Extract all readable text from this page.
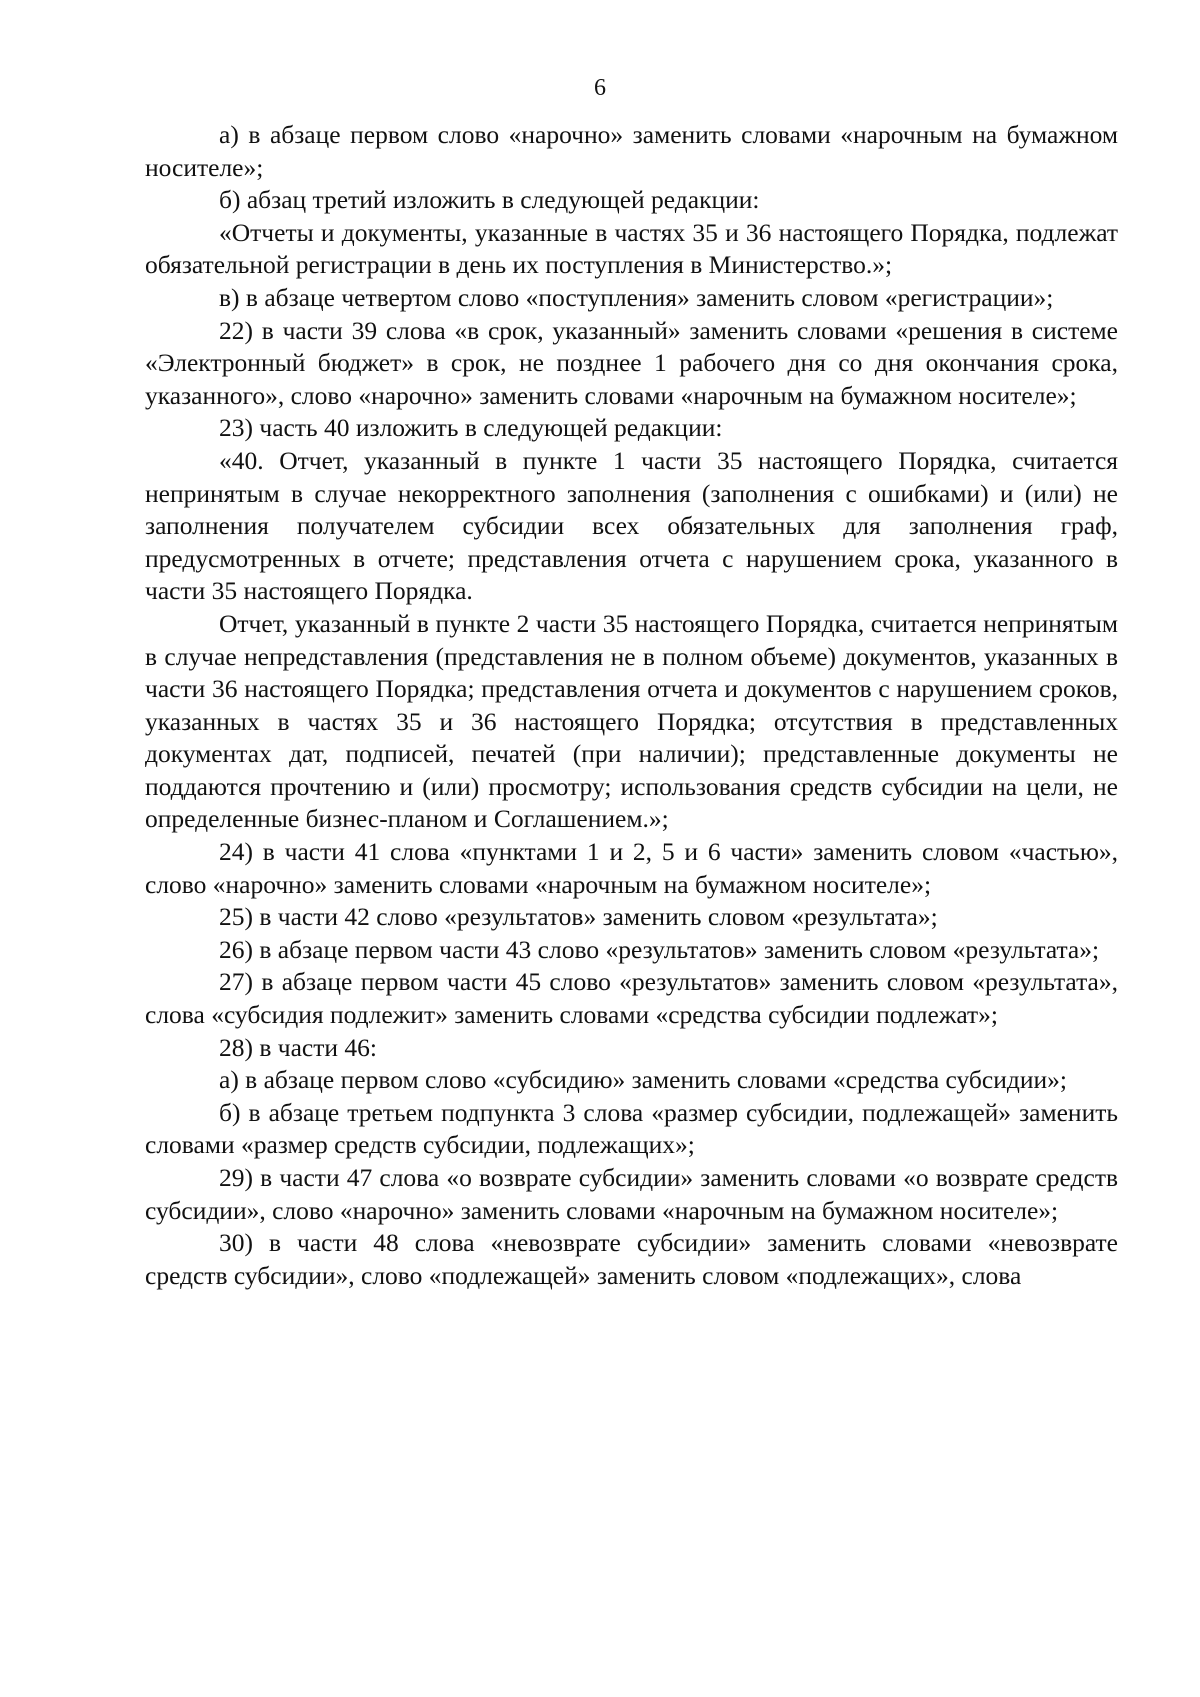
6

а) в абзаце первом слово «нарочно» заменить словами «нарочным на бумажном носителе»;

б) абзац третий изложить в следующей редакции:

«Отчеты и документы, указанные в частях 35 и 36 настоящего Порядка, подлежат обязательной регистрации в день их поступления в Министерство.»;

в) в абзаце четвертом слово «поступления» заменить словом «регистрации»;

22) в части 39 слова «в срок, указанный» заменить словами «решения в системе «Электронный бюджет» в срок, не позднее 1 рабочего дня со дня окончания срока, указанного», слово «нарочно» заменить словами «нарочным на бумажном носителе»;

23) часть 40 изложить в следующей редакции:

«40. Отчет, указанный в пункте 1 части 35 настоящего Порядка, считается непринятым в случае некорректного заполнения (заполнения с ошибками) и (или) не заполнения получателем субсидии всех обязательных для заполнения граф, предусмотренных в отчете; представления отчета с нарушением срока, указанного в части 35 настоящего Порядка.

Отчет, указанный в пункте 2 части 35 настоящего Порядка, считается непринятым в случае непредставления (представления не в полном объеме) документов, указанных в части 36 настоящего Порядка; представления отчета и документов с нарушением сроков, указанных в частях 35 и 36 настоящего Порядка; отсутствия в представленных документах дат, подписей, печатей (при наличии); представленные документы не поддаются прочтению и (или) просмотру; использования средств субсидии на цели, не определенные бизнес-планом и Соглашением.»;

24) в части 41 слова «пунктами 1 и 2, 5 и 6 части» заменить словом «частью», слово «нарочно» заменить словами «нарочным на бумажном носителе»;

25) в части 42 слово «результатов» заменить словом «результата»;

26) в абзаце первом части 43 слово «результатов» заменить словом «результата»;

27) в абзаце первом части 45 слово «результатов» заменить словом «результата», слова «субсидия подлежит» заменить словами «средства субсидии подлежат»;

28) в части 46:

а) в абзаце первом слово «субсидию» заменить словами «средства субсидии»;

б) в абзаце третьем подпункта 3 слова «размер субсидии, подлежащей» заменить словами «размер средств субсидии, подлежащих»;

29) в части 47 слова «о возврате субсидии» заменить словами «о возврате средств субсидии», слово «нарочно» заменить словами «нарочным на бумажном носителе»;

30) в части 48 слова «невозврате субсидии» заменить словами «невозврате средств субсидии», слово «подлежащей» заменить словом «подлежащих», слова
